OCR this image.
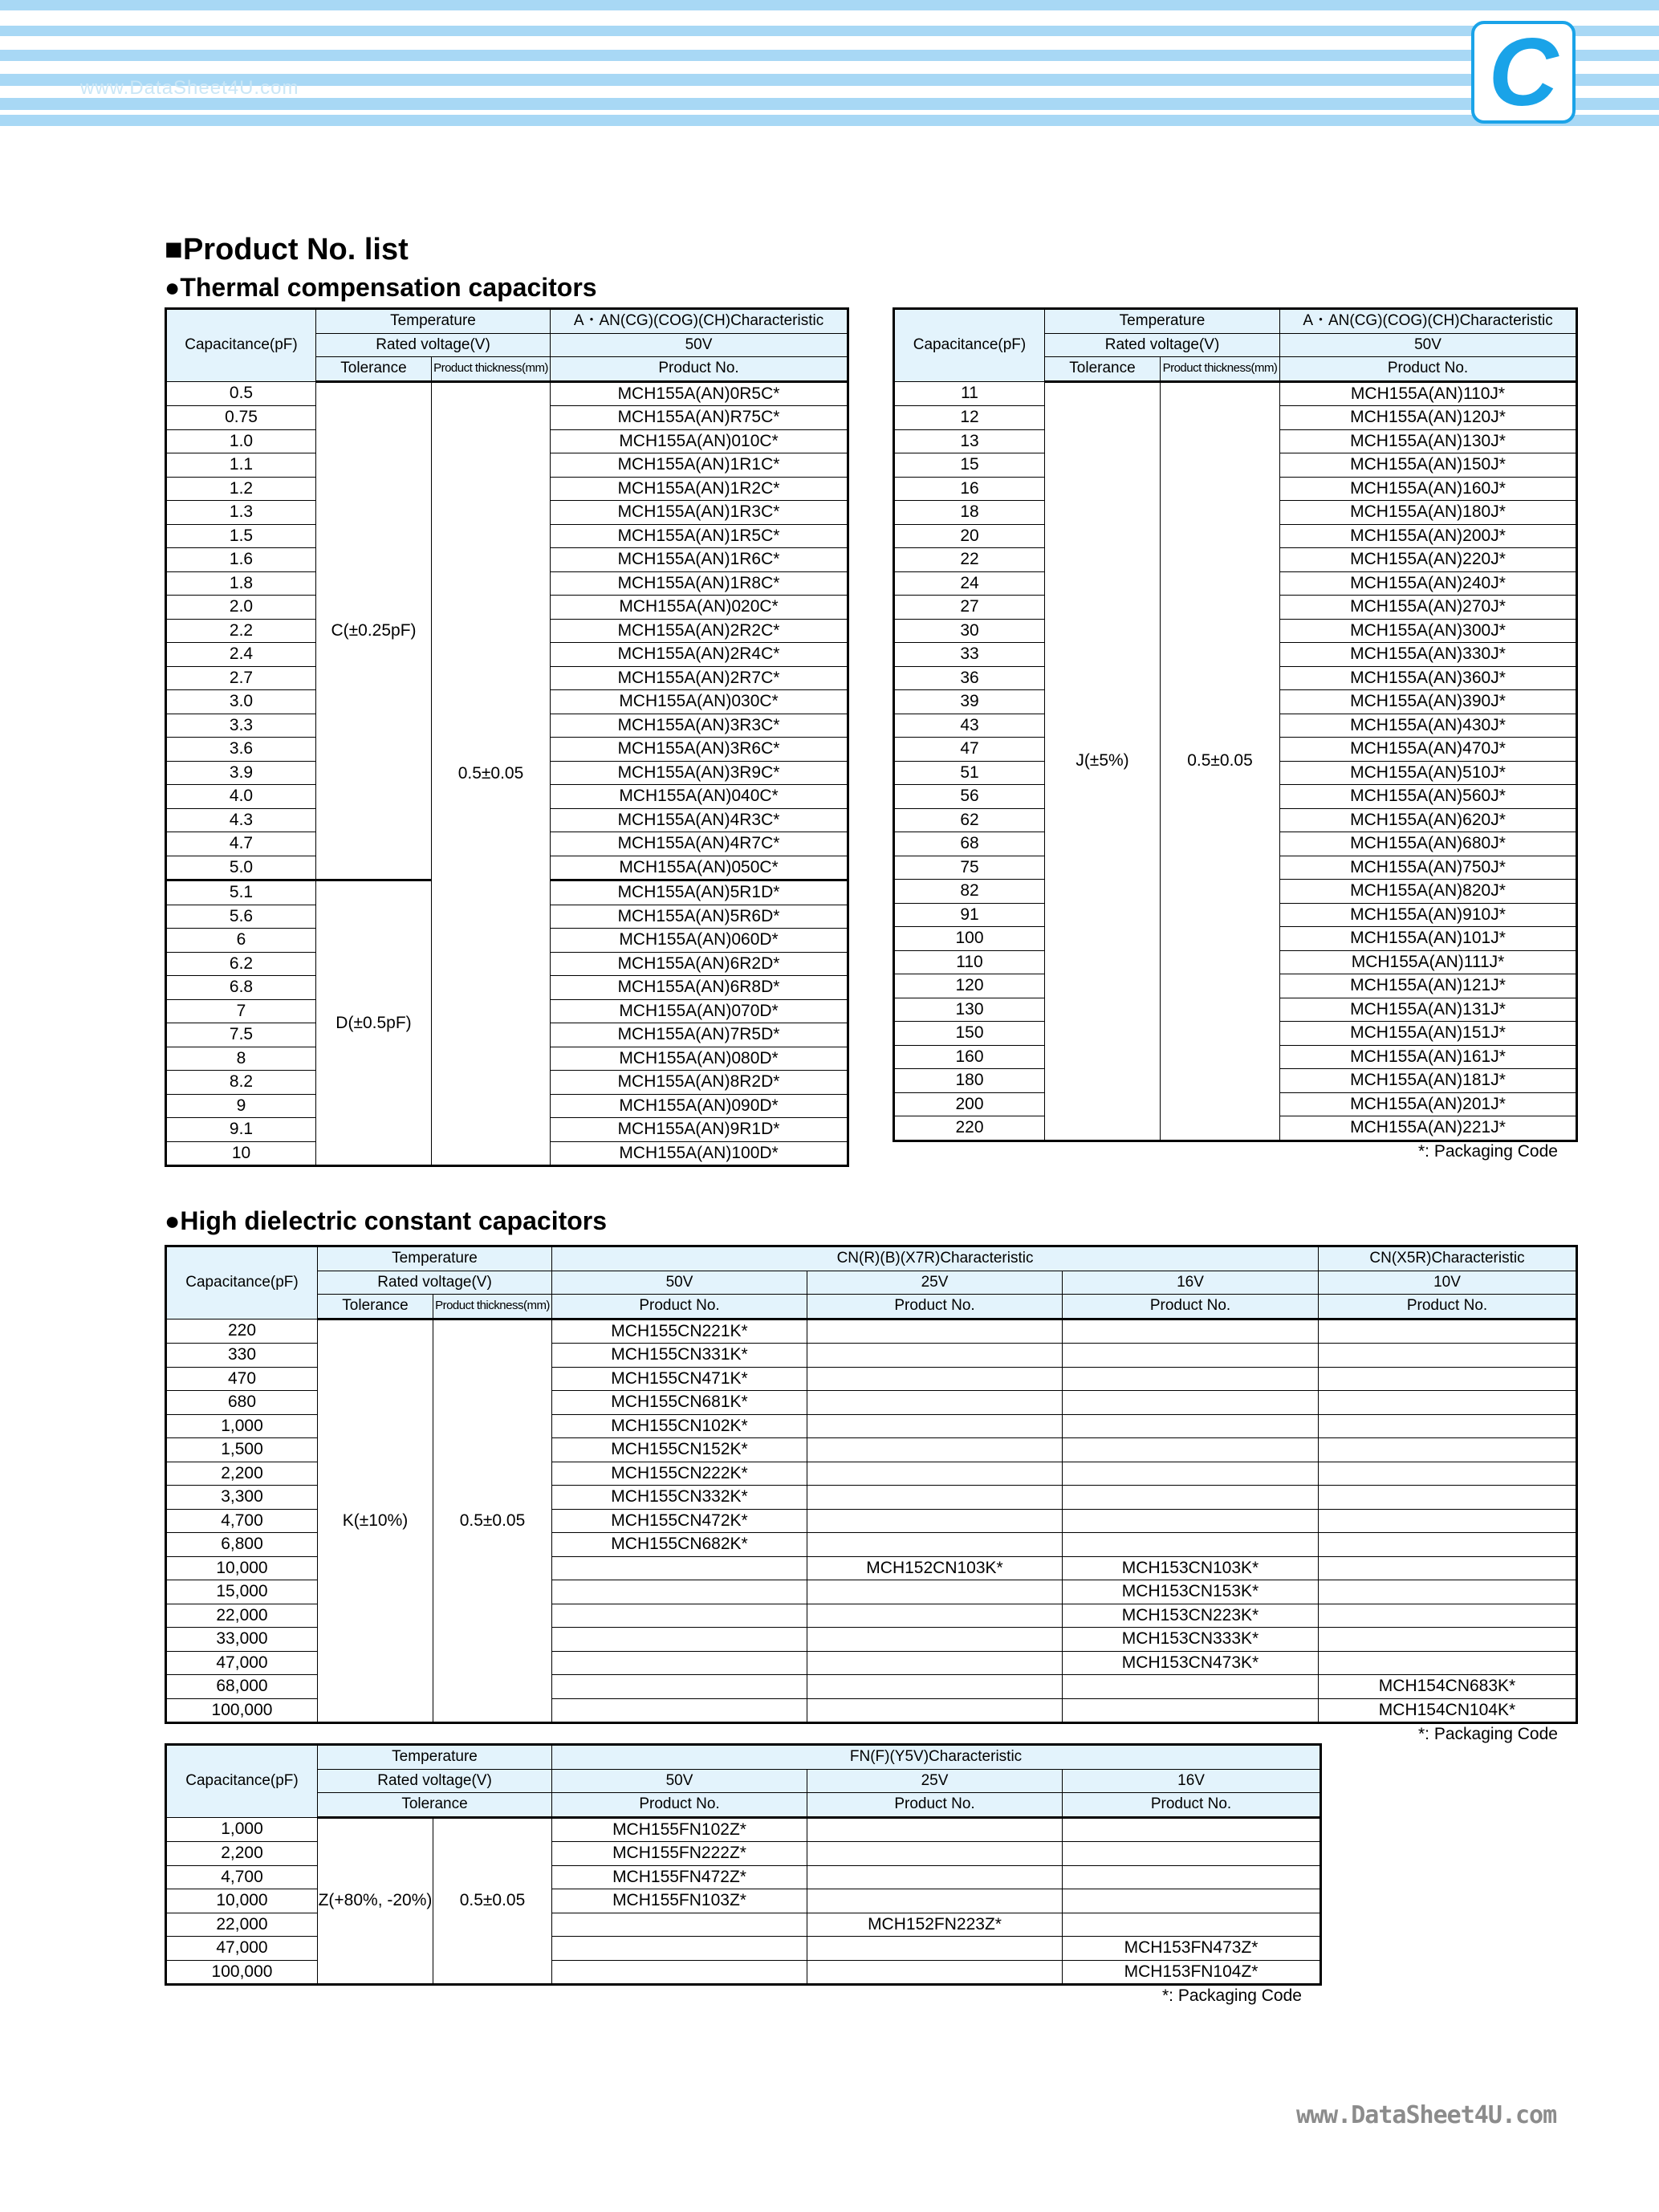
www.DataSheet4U.com	C
■Product No. list
●Thermal compensation capacitors
Capacitance(pF)	Temperature		A・AN(CG)(COG)(CH)Characteristic
	Rated voltage(V)		50V
	Tolerance	Product thickness(mm)	Product No.
0.5	C(±0.25pF)	0.5±0.05	MCH155A(AN)0R5C*
0.75			MCH155A(AN)R75C*
1.0			MCH155A(AN)010C*
1.1			MCH155A(AN)1R1C*
1.2			MCH155A(AN)1R2C*
1.3			MCH155A(AN)1R3C*
1.5			MCH155A(AN)1R5C*
1.6			MCH155A(AN)1R6C*
1.8			MCH155A(AN)1R8C*
2.0			MCH155A(AN)020C*
2.2			MCH155A(AN)2R2C*
2.4			MCH155A(AN)2R4C*
2.7			MCH155A(AN)2R7C*
3.0			MCH155A(AN)030C*
3.3			MCH155A(AN)3R3C*
3.6			MCH155A(AN)3R6C*
3.9			MCH155A(AN)3R9C*
4.0			MCH155A(AN)040C*
4.3			MCH155A(AN)4R3C*
4.7			MCH155A(AN)4R7C*
5.0			MCH155A(AN)050C*
5.1	D(±0.5pF)		MCH155A(AN)5R1D*
5.6			MCH155A(AN)5R6D*
6			MCH155A(AN)060D*
6.2			MCH155A(AN)6R2D*
6.8			MCH155A(AN)6R8D*
7			MCH155A(AN)070D*
7.5			MCH155A(AN)7R5D*
8			MCH155A(AN)080D*
8.2			MCH155A(AN)8R2D*
9			MCH155A(AN)090D*
9.1			MCH155A(AN)9R1D*
10			MCH155A(AN)100D*
Capacitance(pF)	Temperature		A・AN(CG)(COG)(CH)Characteristic
	Rated voltage(V)		50V
	Tolerance	Product thickness(mm)	Product No.
11	J(±5%)	0.5±0.05	MCH155A(AN)110J*
12			MCH155A(AN)120J*
13			MCH155A(AN)130J*
15			MCH155A(AN)150J*
16			MCH155A(AN)160J*
18			MCH155A(AN)180J*
20			MCH155A(AN)200J*
22			MCH155A(AN)220J*
24			MCH155A(AN)240J*
27			MCH155A(AN)270J*
30			MCH155A(AN)300J*
33			MCH155A(AN)330J*
36			MCH155A(AN)360J*
39			MCH155A(AN)390J*
43			MCH155A(AN)430J*
47			MCH155A(AN)470J*
51			MCH155A(AN)510J*
56			MCH155A(AN)560J*
62			MCH155A(AN)620J*
68			MCH155A(AN)680J*
75			MCH155A(AN)750J*
82			MCH155A(AN)820J*
91			MCH155A(AN)910J*
100			MCH155A(AN)101J*
110			MCH155A(AN)111J*
120			MCH155A(AN)121J*
130			MCH155A(AN)131J*
150			MCH155A(AN)151J*
160			MCH155A(AN)161J*
180			MCH155A(AN)181J*
200			MCH155A(AN)201J*
220			MCH155A(AN)221J*
*: Packaging Code
●High dielectric constant capacitors
Capacitance(pF)	Temperature		CN(R)(B)(X7R)Characteristic			CN(X5R)Characteristic
	Rated voltage(V)		50V	25V	16V	10V
	Tolerance	Product thickness(mm)	Product No.	Product No.	Product No.	Product No.
220	K(±10%)	0.5±0.05	MCH155CN221K*			
330			MCH155CN331K*			
470			MCH155CN471K*			
680			MCH155CN681K*			
1,000			MCH155CN102K*			
1,500			MCH155CN152K*			
2,200			MCH155CN222K*			
3,300			MCH155CN332K*			
4,700			MCH155CN472K*			
6,800			MCH155CN682K*			
10,000				MCH152CN103K*	MCH153CN103K*	
15,000					MCH153CN153K*	
22,000					MCH153CN223K*	
33,000					MCH153CN333K*	
47,000					MCH153CN473K*	
68,000						MCH154CN683K*
100,000						MCH154CN104K*
*: Packaging Code
Capacitance(pF)	Temperature		FN(F)(Y5V)Characteristic		
	Rated voltage(V)		50V	25V	16V
	Tolerance		Product No.	Product No.	Product No.
1,000	Z(+80%, -20%)	0.5±0.05	MCH155FN102Z*		
2,200			MCH155FN222Z*		
4,700			MCH155FN472Z*		
10,000			MCH155FN103Z*		
22,000				MCH152FN223Z*	
47,000					MCH153FN473Z*
100,000					MCH153FN104Z*
*: Packaging Code
www.DataSheet4U.com
